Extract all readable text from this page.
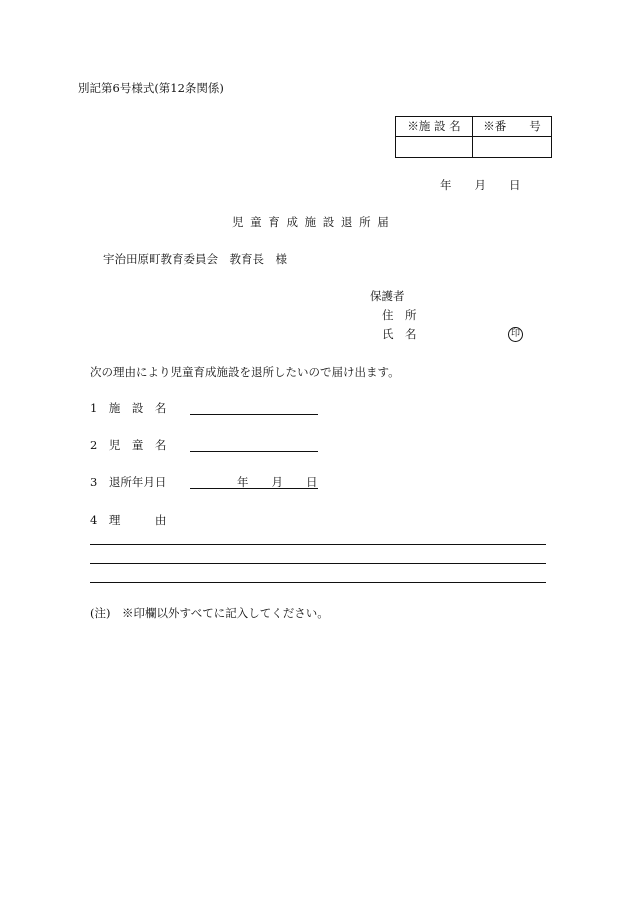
別記第6号様式(第12条関係)
※施 設 名	※番　　号
年　　月　　日
児 童 育 成 施 設 退 所 届
宇治田原町教育委員会　教育長　様
保護者
住　所
氏　名	印
次の理由により児童育成施設を退所したいので届け出ます。
1　施　設　名
2　児　童　名
3　退所年月日	年　　月　　日
4　理　　　由
(注)　※印欄以外すべてに記入してください。
